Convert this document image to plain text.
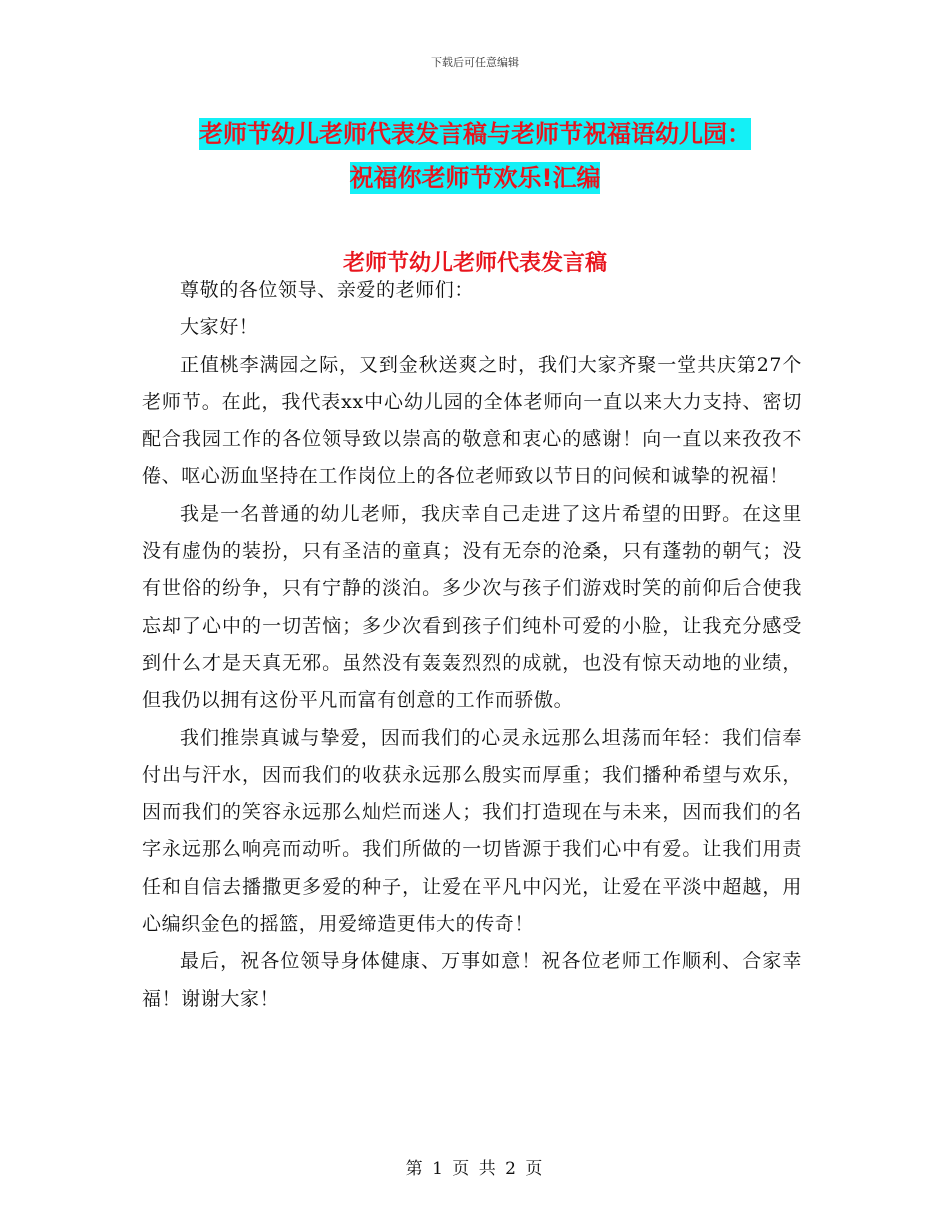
下载后可任意编辑
老师节幼儿老师代表发言稿与老师节祝福语幼儿园：
祝福你老师节欢乐!汇编
老师节幼儿老师代表发言稿

尊敬的各位领导、亲爱的老师们：

大家好！

正值桃李满园之际，又到金秋送爽之时，我们大家齐聚一堂共庆第27个老师节。在此，我代表xx中心幼儿园的全体老师向一直以来大力支持、密切配合我园工作的各位领导致以崇高的敬意和衷心的感谢！向一直以来孜孜不倦、呕心沥血坚持在工作岗位上的各位老师致以节日的问候和诚挚的祝福！

我是一名普通的幼儿老师，我庆幸自己走进了这片希望的田野。在这里没有虚伪的装扮，只有圣洁的童真；没有无奈的沧桑，只有蓬勃的朝气；没有世俗的纷争，只有宁静的淡泊。多少次与孩子们游戏时笑的前仰后合使我忘却了心中的一切苦恼；多少次看到孩子们纯朴可爱的小脸，让我充分感受到什么才是天真无邪。虽然没有轰轰烈烈的成就，也没有惊天动地的业绩，但我仍以拥有这份平凡而富有创意的工作而骄傲。

我们推崇真诚与挚爱，因而我们的心灵永远那么坦荡而年轻：我们信奉付出与汗水，因而我们的收获永远那么殷实而厚重；我们播种希望与欢乐，因而我们的笑容永远那么灿烂而迷人；我们打造现在与未来，因而我们的名字永远那么响亮而动听。我们所做的一切皆源于我们心中有爱。让我们用责任和自信去播撒更多爱的种子，让爱在平凡中闪光，让爱在平淡中超越，用心编织金色的摇篮，用爱缔造更伟大的传奇！

最后，祝各位领导身体健康、万事如意！祝各位老师工作顺利、合家幸福！谢谢大家！

第 1 页 共 2 页
